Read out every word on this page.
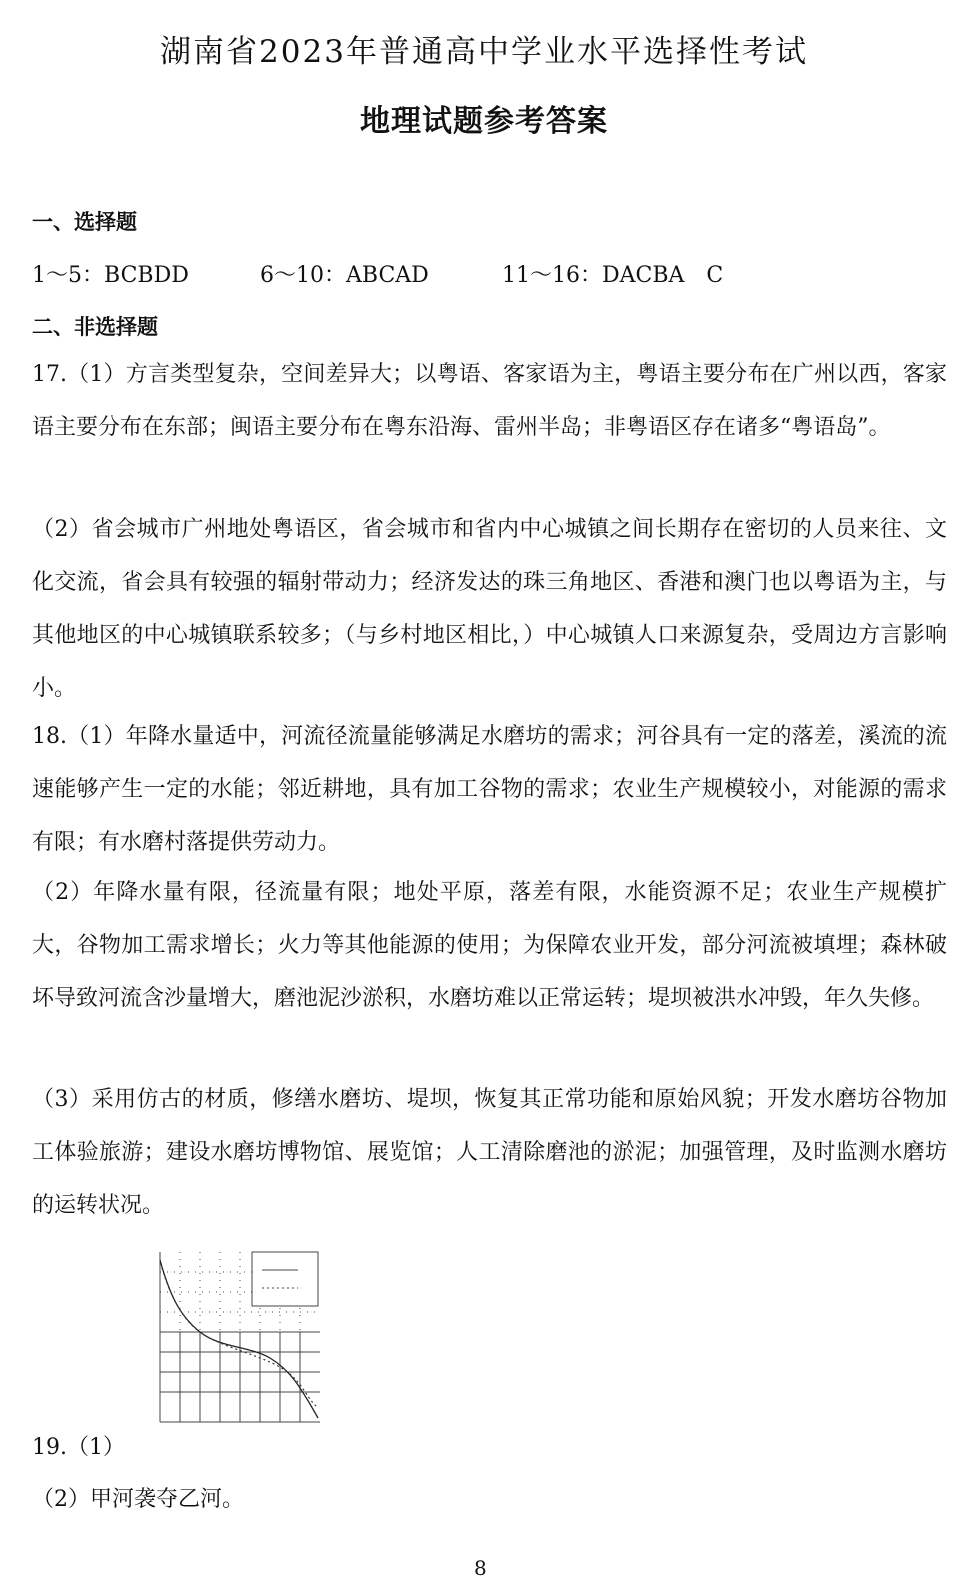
湖南省2023年普通高中学业水平选择性考试
地理试题参考答案
一、选择题
1～5：BCBDD	6～10：ABCAD	11～16：DACBA　C
二、非选择题
17.（1）方言类型复杂，空间差异大；以粤语、客家语为主，粤语主要分布在广州以西，客家语主要分布在东部；闽语主要分布在粤东沿海、雷州半岛；非粤语区存在诸多“粤语岛”。
（2）省会城市广州地处粤语区，省会城市和省内中心城镇之间长期存在密切的人员来往、文化交流，省会具有较强的辐射带动力；经济发达的珠三角地区、香港和澳门也以粤语为主，与其他地区的中心城镇联系较多；（与乡村地区相比，）中心城镇人口来源复杂，受周边方言影响小。
18.（1）年降水量适中，河流径流量能够满足水磨坊的需求；河谷具有一定的落差，溪流的流速能够产生一定的水能；邻近耕地，具有加工谷物的需求；农业生产规模较小，对能源的需求有限；有水磨村落提供劳动力。
（2）年降水量有限，径流量有限；地处平原，落差有限，水能资源不足；农业生产规模扩大，谷物加工需求增长；火力等其他能源的使用；为保障农业开发，部分河流被填埋；森林破坏导致河流含沙量增大，磨池泥沙淤积，水磨坊难以正常运转；堤坝被洪水冲毁，年久失修。
（3）采用仿古的材质，修缮水磨坊、堤坝，恢复其正常功能和原始风貌；开发水磨坊谷物加工体验旅游；建设水磨坊博物馆、展览馆；人工清除磨池的淤泥；加强管理，及时监测水磨坊的运转状况。
19.（1）
（2）甲河袭夺乙河。
8
